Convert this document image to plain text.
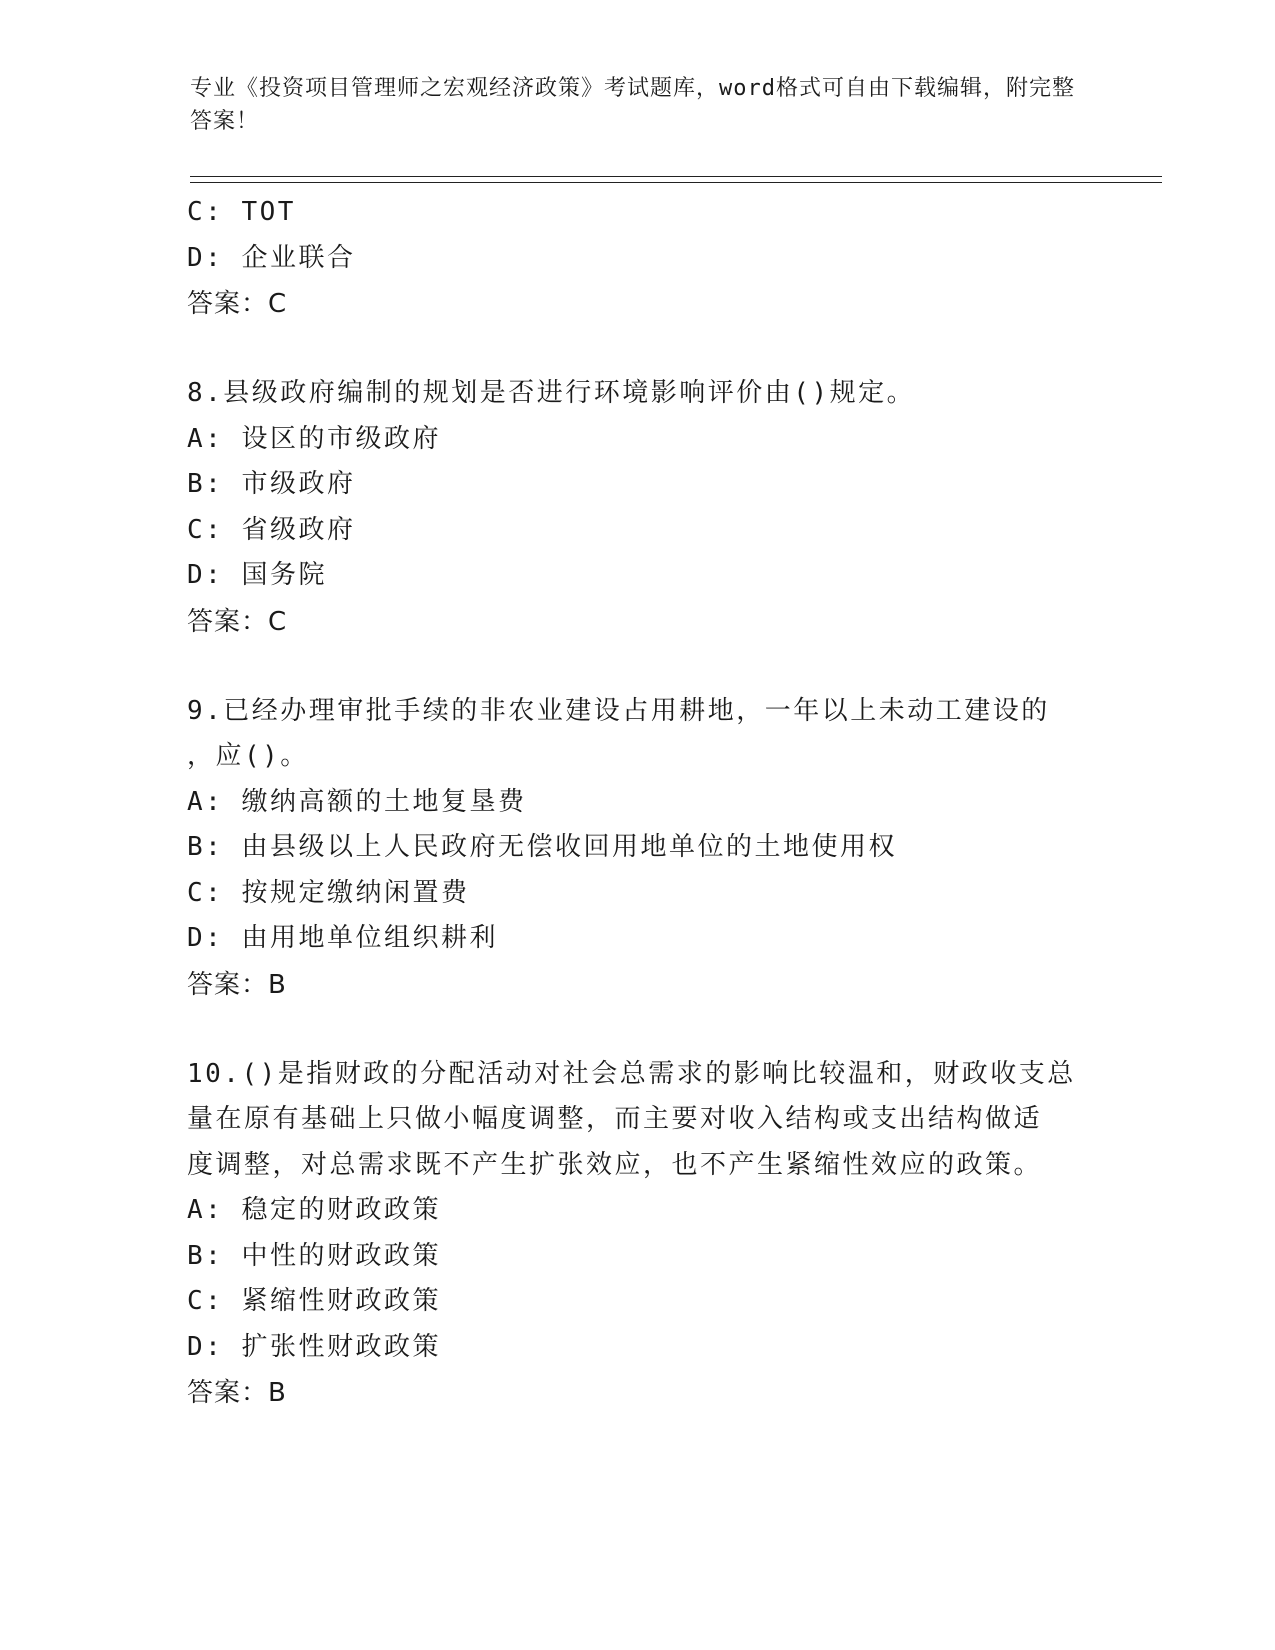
专业《投资项目管理师之宏观经济政策》考试题库，word格式可自由下载编辑，附完整答案！
C: TOT
D: 企业联合
答案：C
8.县级政府编制的规划是否进行环境影响评价由()规定。
A: 设区的市级政府
B: 市级政府
C: 省级政府
D: 国务院
答案：C
9.已经办理审批手续的非农业建设占用耕地，一年以上未动工建设的
，应()。
A: 缴纳高额的土地复垦费
B: 由县级以上人民政府无偿收回用地单位的土地使用权
C: 按规定缴纳闲置费
D: 由用地单位组织耕利
答案：B
10.()是指财政的分配活动对社会总需求的影响比较温和，财政收支总
量在原有基础上只做小幅度调整，而主要对收入结构或支出结构做适
度调整，对总需求既不产生扩张效应，也不产生紧缩性效应的政策。
A: 稳定的财政政策
B: 中性的财政政策
C: 紧缩性财政政策
D: 扩张性财政政策
答案：B
